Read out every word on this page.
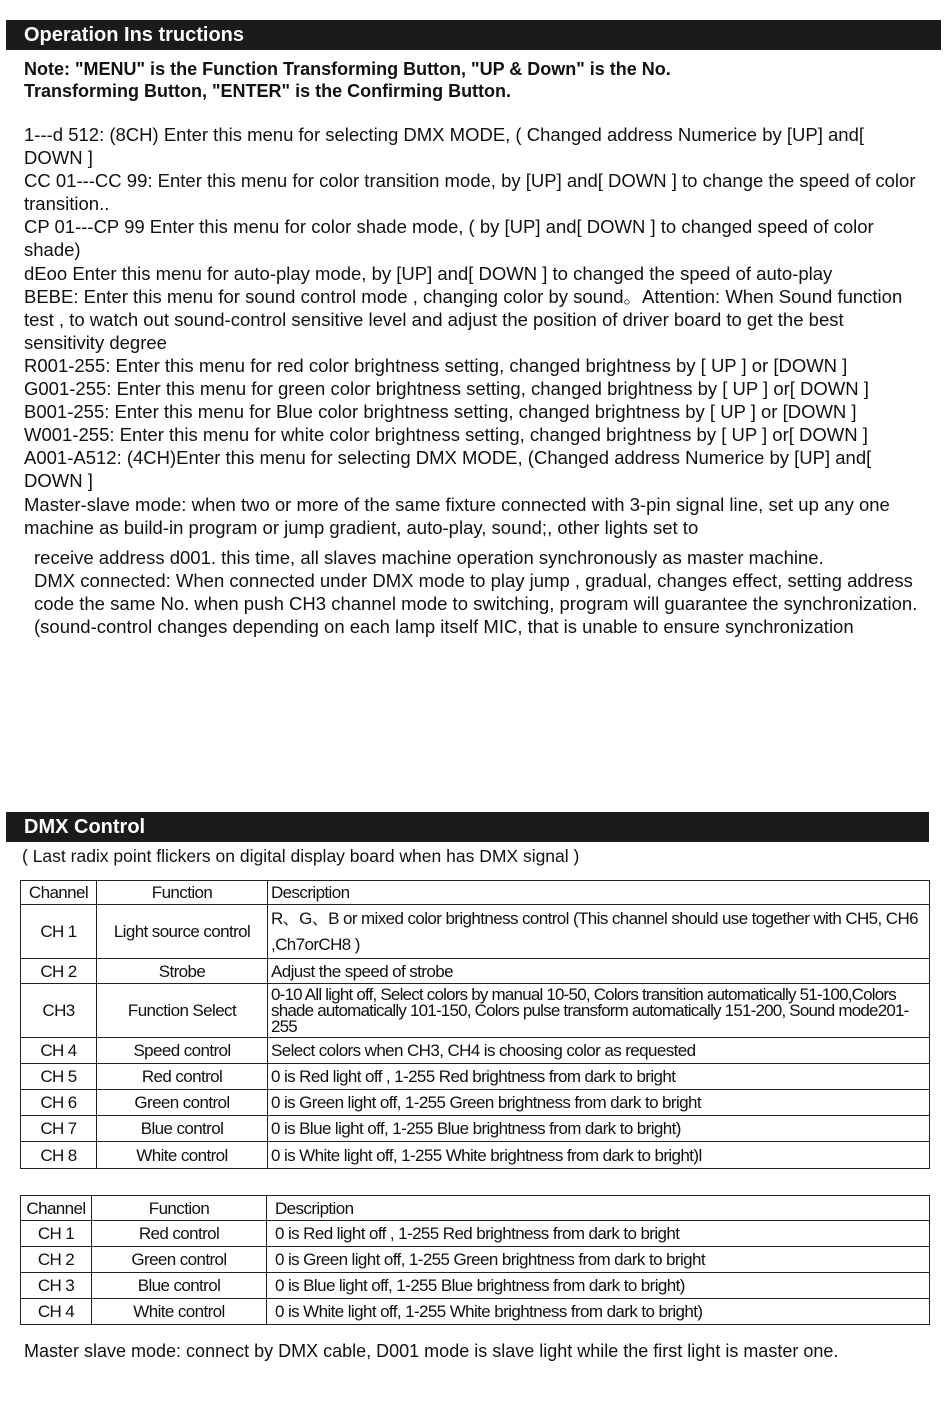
Operation Ins tructions
Note: "MENU" is the Function Transforming Button, "UP & Down" is the No.
Transforming Button, "ENTER" is the Confirming Button.

1---d 512: (8CH) Enter this menu for selecting DMX MODE, ( Changed address Numerice by [UP] and[ DOWN ]

CC 01---CC 99: Enter this menu for color transition mode, by [UP] and[ DOWN ] to change the speed of color transition..

CP 01---CP 99 Enter this menu for color shade mode, ( by [UP] and[ DOWN ] to changed speed of color shade)

dEoo Enter this menu for auto-play mode, by [UP] and[ DOWN ] to changed the speed of auto-play

BEBE: Enter this menu for sound control mode , changing color by sound。Attention: When Sound function test , to watch out sound-control sensitive level and adjust the position of driver board to get the best sensitivity degree

R001-255: Enter this menu for red color brightness setting, changed brightness by [ UP ] or [DOWN ]

G001-255: Enter this menu for green color brightness setting, changed brightness by [ UP ] or[ DOWN ]

B001-255: Enter this menu for Blue color brightness setting, changed brightness by [ UP ] or [DOWN ]

W001-255: Enter this menu for white color brightness setting, changed brightness by [ UP ] or[ DOWN ]

A001-A512: (4CH)Enter this menu for selecting DMX MODE, (Changed address Numerice by [UP] and[ DOWN ]

Master-slave mode: when two or more of the same fixture connected with 3-pin signal line, set up any one machine as build-in program or jump gradient, auto-play, sound;, other lights set to

receive address d001. this time, all slaves machine operation synchronously as master machine.

DMX connected: When connected under DMX mode to play jump , gradual, changes effect, setting address code the same No. when push CH3 channel mode to switching, program will guarantee the synchronization. (sound-control changes depending on each lamp itself MIC, that is unable to ensure synchronization

DMX Control

( Last radix point flickers on digital display board when has DMX signal )

Channel	Function	Description
CH 1	Light source control	R、G、B or mixed color brightness control (This channel should use together with CH5, CH6 ,Ch7orCH8 )
CH 2	Strobe	Adjust the speed of strobe
CH3	Function Select	0-10 All light off, Select colors by manual 10-50, Colors transition automatically 51-100,Colors shade automatically 101-150, Colors pulse transform automatically 151-200, Sound mode201-255
CH 4	Speed control	Select colors when CH3, CH4 is choosing color as requested
CH 5	Red control	0 is Red light off , 1-255 Red brightness from dark to bright
CH 6	Green control	0 is Green light off, 1-255 Green brightness from dark to bright
CH 7	Blue control	0 is Blue light off, 1-255 Blue brightness from dark to bright)
CH 8	White control	0 is White light off, 1-255 White brightness from dark to bright)l
Channel	Function	Description
CH 1	Red control	0 is Red light off , 1-255 Red brightness from dark to bright
CH 2	Green control	0 is Green light off, 1-255 Green brightness from dark to bright
CH 3	Blue control	0 is Blue light off, 1-255 Blue brightness from dark to bright)
CH 4	White control	0 is White light off, 1-255 White brightness from dark to bright)

Master slave mode: connect by DMX cable, D001 mode is slave light while the first light is master one.
